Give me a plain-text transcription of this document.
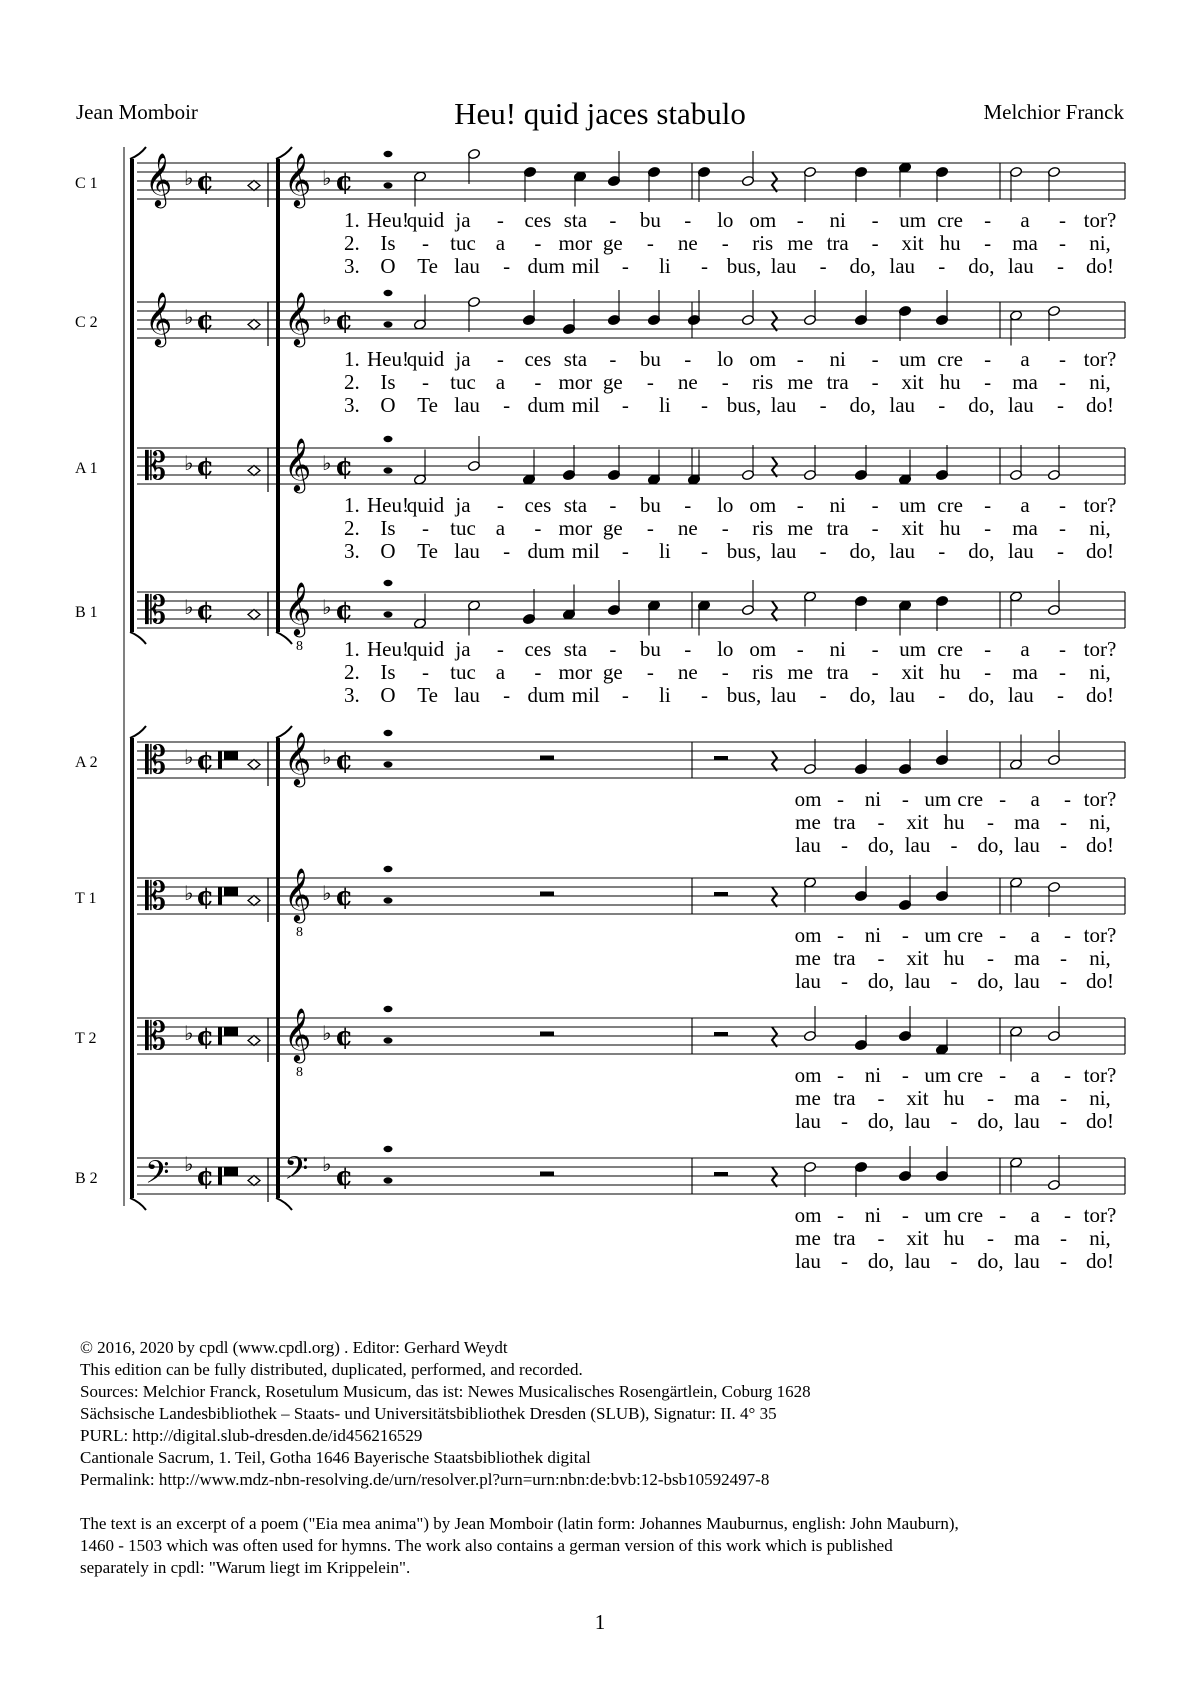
Jean Momboir	Heu! quid jaces stabulo	Melchior Franck
C 1 𝄞 ♭ ¢ 𝄞 ♭ ¢
1. Heu!
quid ja - ces sta - bu - lo om - ni - um cre - a - tor?
2. Is - tuc a - mor ge - ne - ris me tra - xit hu - ma - ni,
3. O Te lau - dum mil - li - bus, lau - do, lau - do, lau - do!
C 2 𝄞 ♭ ¢ 𝄞 ♭ ¢
1. Heu!
quid ja - ces sta - bu - lo om - ni - um cre - a - tor?
2. Is - tuc a - mor ge - ne - ris me tra - xit hu - ma - ni,
3. O Te lau - dum mil - li - bus, lau - do, lau - do, lau - do!
A 1 𝄡 ♭ ¢ 𝄞 ♭ ¢
1. Heu!
quid ja - ces sta - bu - lo om - ni - um cre - a - tor?
2. Is - tuc a - mor ge - ne - ris me tra - xit hu - ma - ni,
3. O Te lau - dum mil - li - bus, lau - do, lau - do, lau - do!
B 1 𝄡 ♭ ¢ 𝄞
8
♭ ¢
1. Heu!
quid ja - ces sta - bu - lo om - ni - um cre - a - tor?
2. Is - tuc a - mor ge - ne - ris me tra - xit hu - ma - ni,
3. O Te lau - dum mil - li - bus, lau - do, lau - do, lau - do!
A 2 𝄡 ♭ ¢ 𝄞 ♭ ¢
om - ni - um cre - a - tor?
me tra - xit hu - ma - ni,
lau - do, lau - do, lau - do!
T 1 𝄡 ♭ ¢ 𝄞
8
♭ ¢
om - ni - um cre - a - tor?
me tra - xit hu - ma - ni,
lau - do, lau - do, lau - do!
T 2 𝄡 ♭ ¢ 𝄞
8
♭ ¢
om - ni - um cre - a - tor?
me tra - xit hu - ma - ni,
lau - do, lau - do, lau - do!
B 2 𝄢 ♭ ¢ 𝄢 ♭ ¢
om - ni - um cre - a - tor?
me tra - xit hu - ma - ni,
lau - do, lau - do, lau - do!
© 2016, 2020 by cpdl (www.cpdl.org) . Editor: Gerhard Weydt
This edition can be fully distributed, duplicated, performed, and recorded.
Sources: Melchior Franck, Rosetulum Musicum, das ist: Newes Musicalisches Rosengärtlein, Coburg 1628
Sächsische Landesbibliothek – Staats- und Universitätsbibliothek Dresden (SLUB), Signatur: II. 4° 35
PURL: http://digital.slub-dresden.de/id456216529
Cantionale Sacrum, 1. Teil, Gotha 1646 Bayerische Staatsbibliothek digital
Permalink: http://www.mdz-nbn-resolving.de/urn/resolver.pl?urn=urn:nbn:de:bvb:12-bsb10592497-8
The text is an excerpt of a poem ("Eia mea anima") by Jean Momboir (latin form: Johannes Mauburnus, english: John Mauburn),
1460 - 1503 which was often used for hymns. The work also contains a german version of this work which is published
separately in cpdl: "Warum liegt im Krippelein".
1
